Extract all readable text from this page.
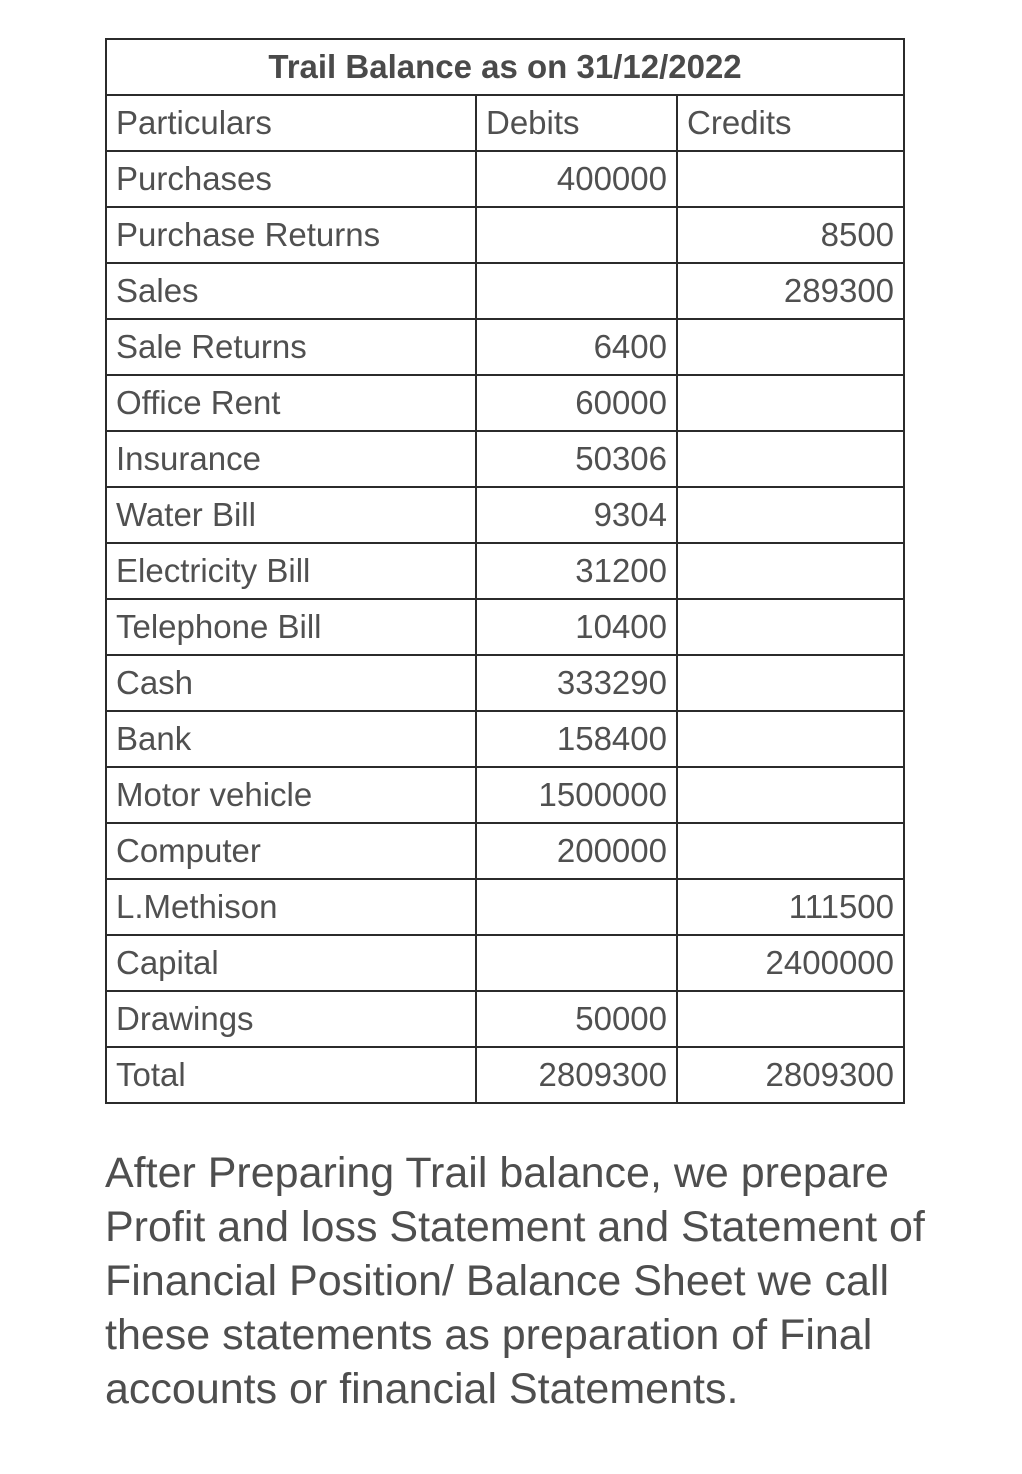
Trail Balance as on 31/12/2022		
Particulars	Debits	Credits
Purchases	400000	
Purchase Returns		8500
Sales		289300
Sale Returns	6400	
Office Rent	60000	
Insurance	50306	
Water Bill	9304	
Electricity Bill	31200	
Telephone Bill	10400	
Cash	333290	
Bank	158400	
Motor vehicle	1500000	
Computer	200000	
L.Methison		111500
Capital		2400000
Drawings	50000	
Total	2809300	2809300
After Preparing Trail balance, we prepare Profit and loss Statement and Statement of Financial Position/ Balance Sheet we call these statements as preparation of Final accounts or financial Statements.
